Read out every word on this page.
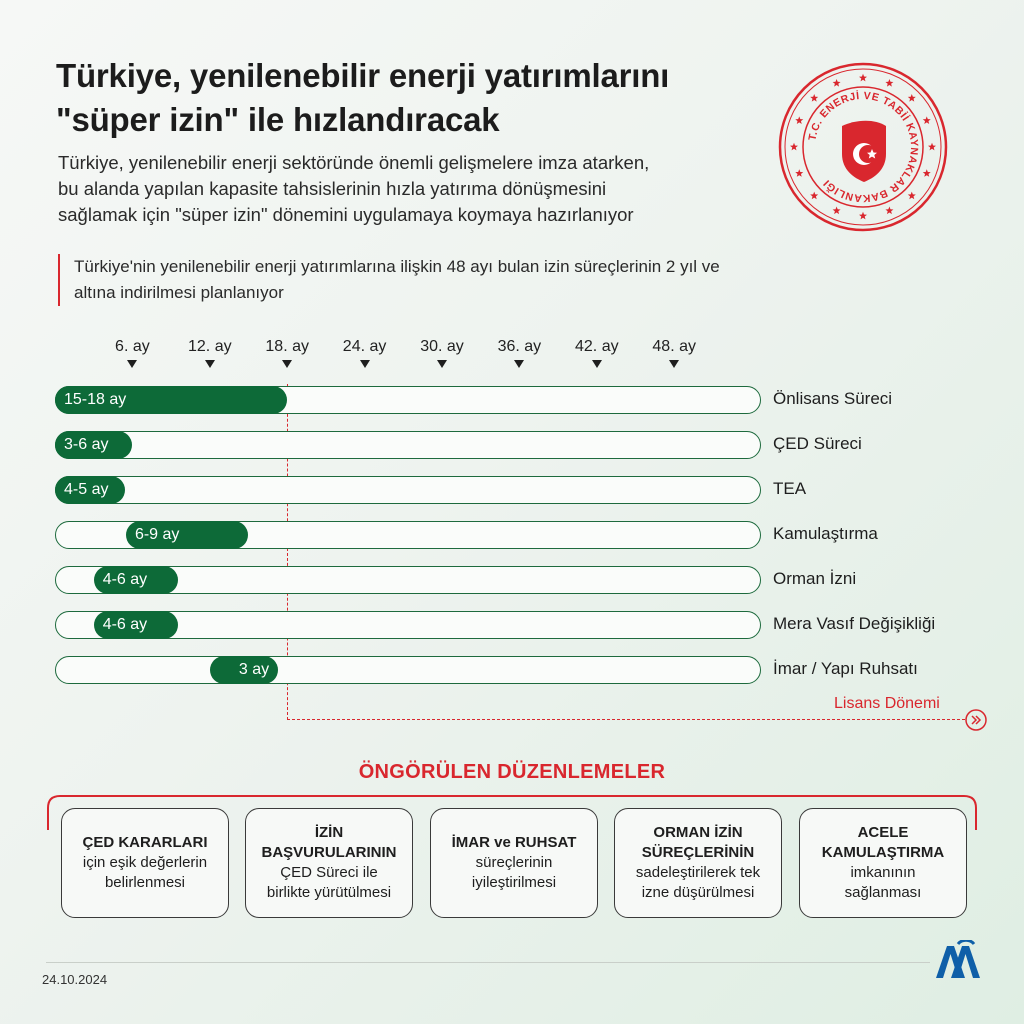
Türkiye, yenilenebilir enerji yatırımlarını
"süper izin" ile hızlandıracak

Türkiye, yenilenebilir enerji sektöründe önemli gelişmelere imza atarken,
bu alanda yapılan kapasite tahsislerinin hızla yatırıma dönüşmesini
sağlamak için "süper izin" dönemini uygulamaya koymaya hazırlanıyor

Türkiye'nin yenilenebilir enerji yatırımlarına ilişkin 48 ayı bulan izin süreçlerinin 2 yıl ve
altına indirilmesi planlanıyor
T.C. ENERJİ VE TABİİ KAYNAKLAR BAKANLIĞI
Lisans Dönemi
6. ay	12. ay	18. ay	24. ay	30. ay	36. ay	42. ay	48. ay
15-18 ay	Önlisans Süreci
3-6 ay	ÇED Süreci
4-5 ay	TEA
6-9 ay	Kamulaştırma
4-6 ay	Orman İzni
4-6 ay	Mera Vasıf Değişikliği
3 ay	İmar / Yapı Ruhsatı
ÖNGÖRÜLEN DÜZENLEMELER
ÇED KARARLARI
için eşik değerlerin
belirlenmesi
İZİN
BAŞVURULARININ
ÇED Süreci ile
birlikte yürütülmesi
İMAR ve RUHSAT
süreçlerinin
iyileştirilmesi
ORMAN İZİN
SÜREÇLERİNİN
sadeleştirilerek tek
izne düşürülmesi
ACELE
KAMULAŞTIRMA
imkanının
sağlanması
24.10.2024
